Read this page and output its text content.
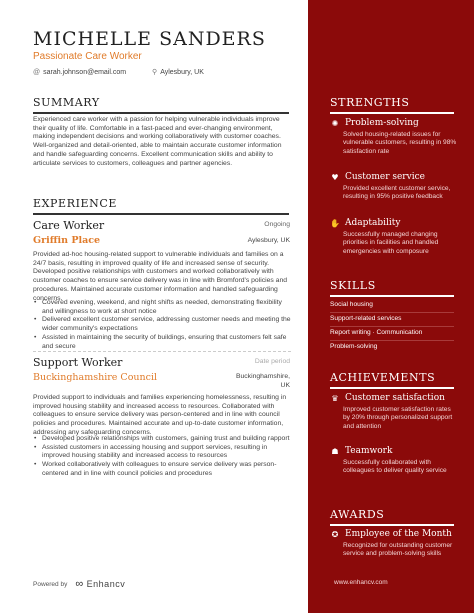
MICHELLE SANDERS
Passionate Care Worker
@ sarah.johnson@email.com
	⚲ Aylesbury, UK
SUMMARY
Experienced care worker with a passion for helping vulnerable individuals improve their quality of life. Comfortable in a fast-paced and ever-changing environment, making independent decisions and working collaboratively with customer coaches. Well-organized and detail-oriented, able to maintain accurate customer information and handle safeguarding concerns. Excellent communication skills and ability to articulate services to customers, colleagues and partner agencies.
EXPERIENCE
Care Worker	Ongoing
Griffin Place	Aylesbury, UK
Provided ad-hoc housing-related support to vulnerable individuals and families on a 24/7 basis, resulting in improved quality of life and increased sense of security. Developed positive relationships with customers and worked collaboratively with customer coaches to ensure service delivery was in line with Bromford's policies and procedures. Maintained accurate customer information and handled safeguarding concerns.
• Covered evening, weekend, and night shifts as needed, demonstrating flexibility and willingness to work at short notice
• Delivered excellent customer service, addressing customer needs and meeting the wider community's expectations
• Assisted in maintaining the security of buildings, ensuring that customers felt safe and secure
Support Worker	Date period
Buckinghamshire Council	Buckinghamshire,
UK
Provided support to individuals and families experiencing homelessness, resulting in improved housing stability and increased access to resources. Collaborated with colleagues to ensure service delivery was person-centered and in line with council policies and procedures. Maintained accurate and up-to-date customer information, addressing any safeguarding concerns.
• Developed positive relationships with customers, gaining trust and building rapport
• Assisted customers in accessing housing and support services, resulting in improved housing stability and increased access to resources
• Worked collaboratively with colleagues to ensure service delivery was person-centered and in line with council policies and procedures
Powered by ∞ Enhancv
STRENGTHS
✺ Problem-solving
Solved housing-related issues for vulnerable customers, resulting in 98% satisfaction rate
♥ Customer service
Provided excellent customer service, resulting in 95% positive feedback
✋ Adaptability
Successfully managed changing priorities in facilities and handled emergencies with composure
SKILLS
Social housing
Support-related services
Report writing · Communication
Problem-solving
ACHIEVEMENTS
♛ Customer satisfaction
Improved customer satisfaction rates by 20% through personalized support and attention
☗ Teamwork
Successfully collaborated with colleagues to deliver quality service
AWARDS
✪ Employee of the Month
Recognized for outstanding customer service and problem-solving skills
www.enhancv.com
